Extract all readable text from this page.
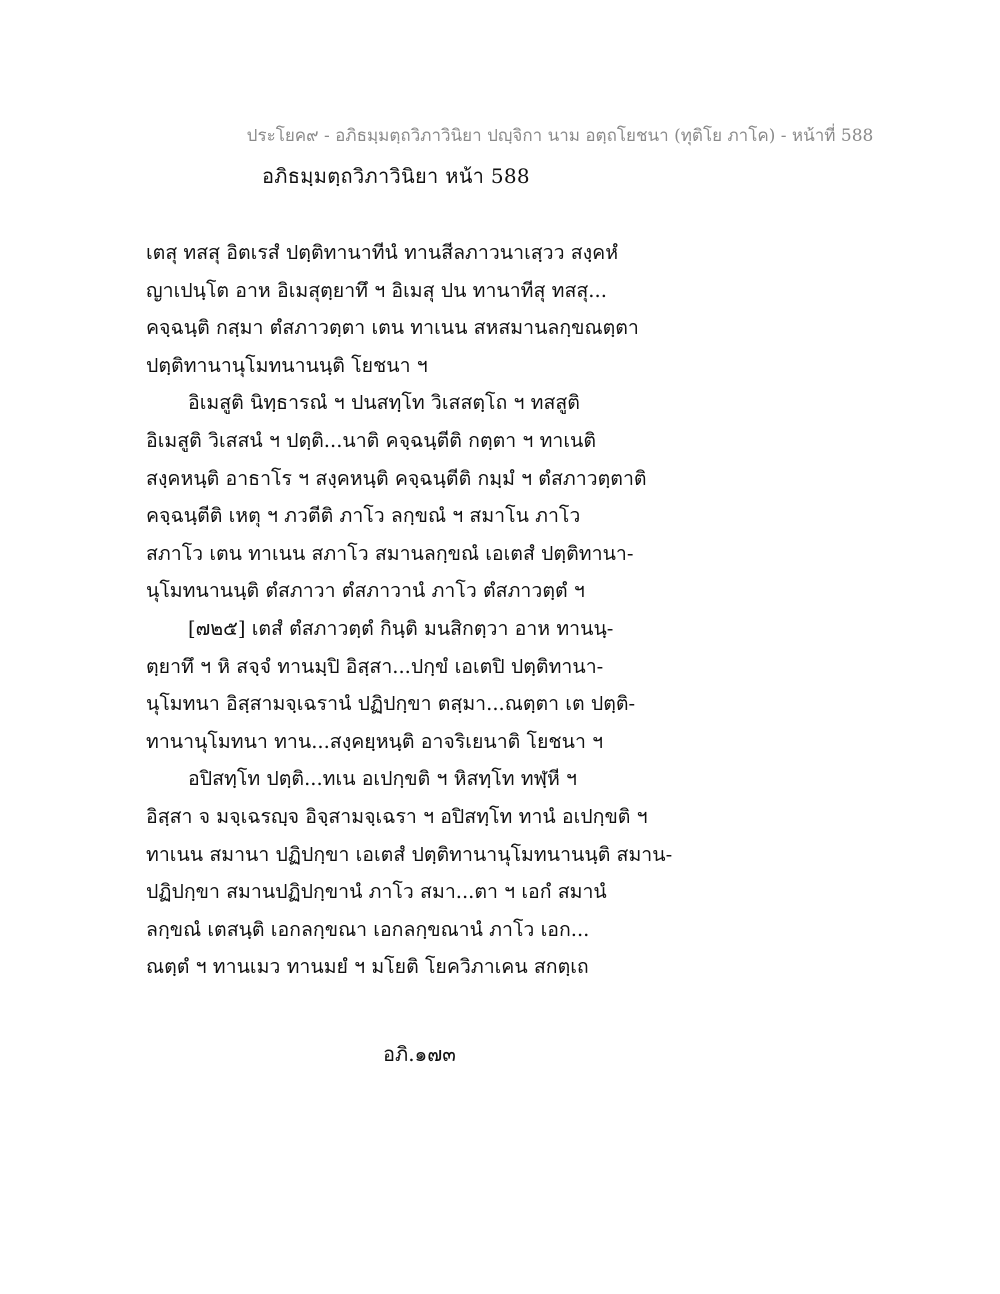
ประโยค๙ - อภิธมฺมตฺถวิภาวินิยา ปญฺจิกา นาม อตฺถโยชนา (ทุติโย ภาโค) - หน้าที่ 588
อภิธมฺมตฺถวิภาวินิยา หน้า 588
เตสุ ทสสุ อิตเรสํ ปตฺติทานาทีนํ ทานสีลภาวนาเสฺวว สงฺคหํ
ญาเปนฺโต อาห อิเมสุตฺยาทึ ฯ อิเมสุ ปน ทานาทีสุ ทสสุ...
คจฺฉนฺติ กสฺมา ตํสภาวตฺตา เตน ทาเนน สหสมานลกฺขณตฺตา
ปตฺติทานานุโมทนานนฺติ โยชนา ฯ
อิเมสูติ นิทฺธารณํ ฯ ปนสทฺโท วิเสสตฺโถ ฯ ทสสูติ
อิเมสูติ วิเสสนํ ฯ ปตฺติ...นาติ คจฺฉนฺตีติ กตฺตา ฯ ทาเนติ
สงฺคหนฺติ อาธาโร ฯ สงฺคหนฺติ คจฺฉนฺตีติ กมฺมํ ฯ ตํสภาวตฺตาติ
คจฺฉนฺตีติ เหตุ ฯ ภวตีติ ภาโว ลกฺขณํ ฯ สมาโน ภาโว
สภาโว เตน ทาเนน สภาโว สมานลกฺขณํ เอเตสํ ปตฺติทานา-
นุโมทนานนฺติ ตํสภาวา ตํสภาวานํ ภาโว ตํสภาวตฺตํ ฯ
[๗๒๕] เตสํ ตํสภาวตฺตํ กินฺติ มนสิกตฺวา อาห ทานนฺ-
ตฺยาทึ ฯ หิ สจฺจํ ทานมฺปิ อิสฺสา...ปกฺขํ เอเตปิ ปตฺติทานา-
นุโมทนา อิสฺสามจฺเฉรานํ ปฏิปกฺขา ตสฺมา...ณตฺตา เต ปตฺติ-
ทานานุโมทนา ทาน...สงฺคยฺหนฺติ อาจริเยนาติ โยชนา ฯ
อปิสทฺโท ปตฺติ...ทเน อเปกฺขติ ฯ หิสทฺโท ทฬฺหี ฯ
อิสฺสา จ มจฺเฉรญฺจ อิจฺสามจฺเฉรา ฯ อปิสทฺโท ทานํ อเปกฺขติ ฯ
ทาเนน สมานา ปฏิปกฺขา เอเตสํ ปตฺติทานานุโมทนานนฺติ สมาน-
ปฏิปกฺขา สมานปฏิปกฺขานํ ภาโว สมา...ตา ฯ เอกํ สมานํ
ลกฺขณํ เตสนฺติ เอกลกฺขณา เอกลกฺขณานํ ภาโว เอก...
ณตฺตํ ฯ ทานเมว ทานมยํ ฯ มโยติ โยควิภาเคน สกตฺเถ
อภิ.๑๗๓
